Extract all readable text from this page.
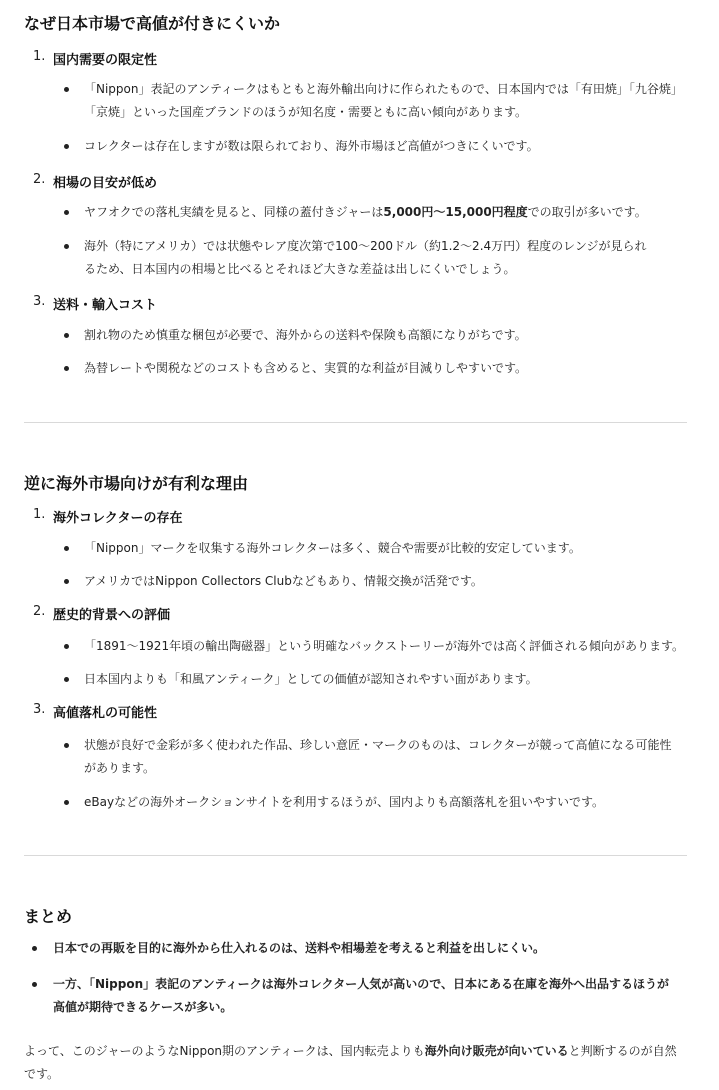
なぜ日本市場で高値が付きにくいか
1. 国内需要の限定性
「Nippon」表記のアンティークはもともと海外輸出向けに作られたもので、日本国内では「有田焼」「九谷焼」
「京焼」といった国産ブランドのほうが知名度・需要ともに高い傾向があります。
コレクターは存在しますが数は限られており、海外市場ほど高値がつきにくいです。
2. 相場の目安が低め
ヤフオクでの落札実績を見ると、同様の蓋付きジャーは5,000円〜15,000円程度での取引が多いです。
海外（特にアメリカ）では状態やレア度次第で100〜200ドル（約1.2〜2.4万円）程度のレンジが見られ
るため、日本国内の相場と比べるとそれほど大きな差益は出しにくいでしょう。
3. 送料・輸入コスト
割れ物のため慎重な梱包が必要で、海外からの送料や保険も高額になりがちです。
為替レートや関税などのコストも含めると、実質的な利益が目減りしやすいです。
逆に海外市場向けが有利な理由
1. 海外コレクターの存在
「Nippon」マークを収集する海外コレクターは多く、競合や需要が比較的安定しています。
アメリカではNippon Collectors Clubなどもあり、情報交換が活発です。
2. 歴史的背景への評価
「1891〜1921年頃の輸出陶磁器」という明確なバックストーリーが海外では高く評価される傾向があります。
日本国内よりも「和風アンティーク」としての価値が認知されやすい面があります。
3. 高値落札の可能性
状態が良好で金彩が多く使われた作品、珍しい意匠・マークのものは、コレクターが競って高値になる可能性
があります。
eBayなどの海外オークションサイトを利用するほうが、国内よりも高額落札を狙いやすいです。
まとめ
日本での再販を目的に海外から仕入れるのは、送料や相場差を考えると利益を出しにくい。
一方、「Nippon」表記のアンティークは海外コレクター人気が高いので、日本にある在庫を海外へ出品するほうが
高値が期待できるケースが多い。
よって、このジャーのようなNippon期のアンティークは、国内転売よりも海外向け販売が向いていると判断するのが自然
です。
